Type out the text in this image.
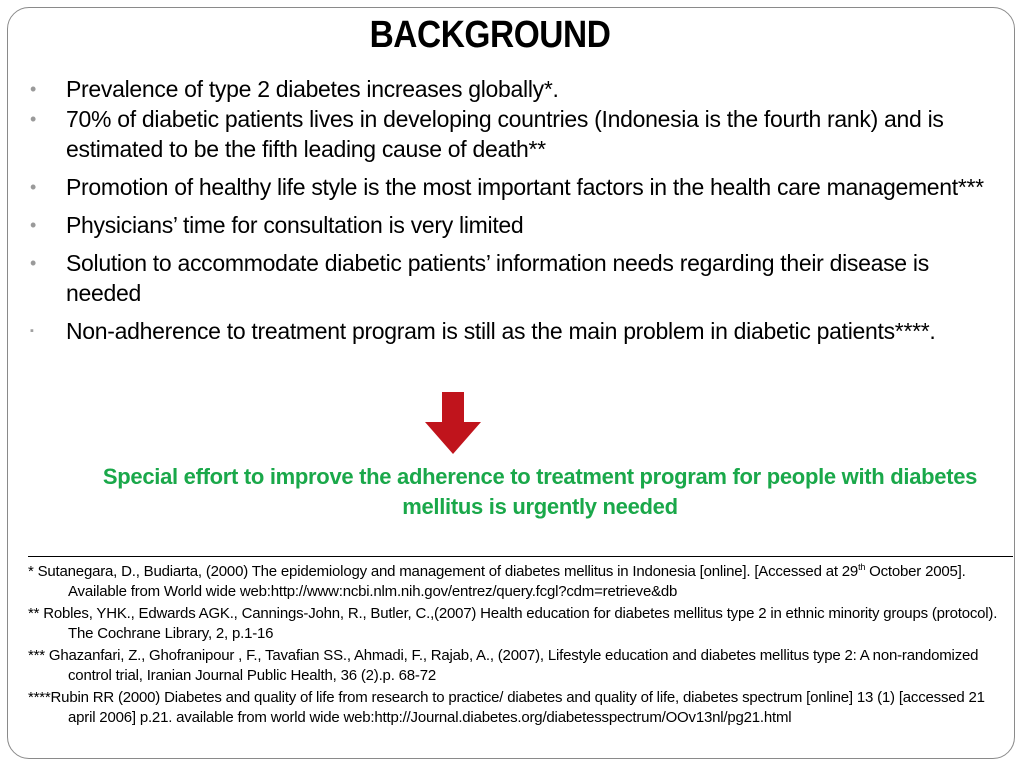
BACKGROUND
• Prevalence of type 2 diabetes increases globally*.
• 70% of diabetic patients lives in developing countries (Indonesia is the fourth rank) and is estimated to be the fifth leading cause of death**
• Promotion of healthy life style is the most important factors in the health care management***
• Physicians’ time for consultation is very limited
• Solution to accommodate diabetic patients’ information needs regarding their disease is needed
▪ Non-adherence to treatment program is still as the main problem in diabetic patients****.
Special effort to improve the adherence to treatment program for people with diabetes mellitus is urgently needed
* Sutanegara, D., Budiarta, (2000) The epidemiology and management of diabetes mellitus in Indonesia [online]. [Accessed at 29th October 2005]. Available from World wide web:http://www:ncbi.nlm.nih.gov/entrez/query.fcgl?cdm=retrieve&db
** Robles, YHK., Edwards AGK., Cannings-John, R., Butler, C.,(2007) Health education for diabetes mellitus type 2 in ethnic minority groups (protocol). The Cochrane Library, 2, p.1-16
*** Ghazanfari, Z., Ghofranipour , F., Tavafian SS., Ahmadi, F., Rajab, A., (2007), Lifestyle education and diabetes mellitus type 2: A non-randomized control trial, Iranian Journal Public Health, 36 (2).p. 68-72
****Rubin RR (2000) Diabetes and quality of life from research to practice/ diabetes and quality of life, diabetes spectrum [online] 13 (1) [accessed 21 april 2006] p.21. available from world wide web:http://Journal.diabetes.org/diabetesspectrum/OOv13nl/pg21.html
